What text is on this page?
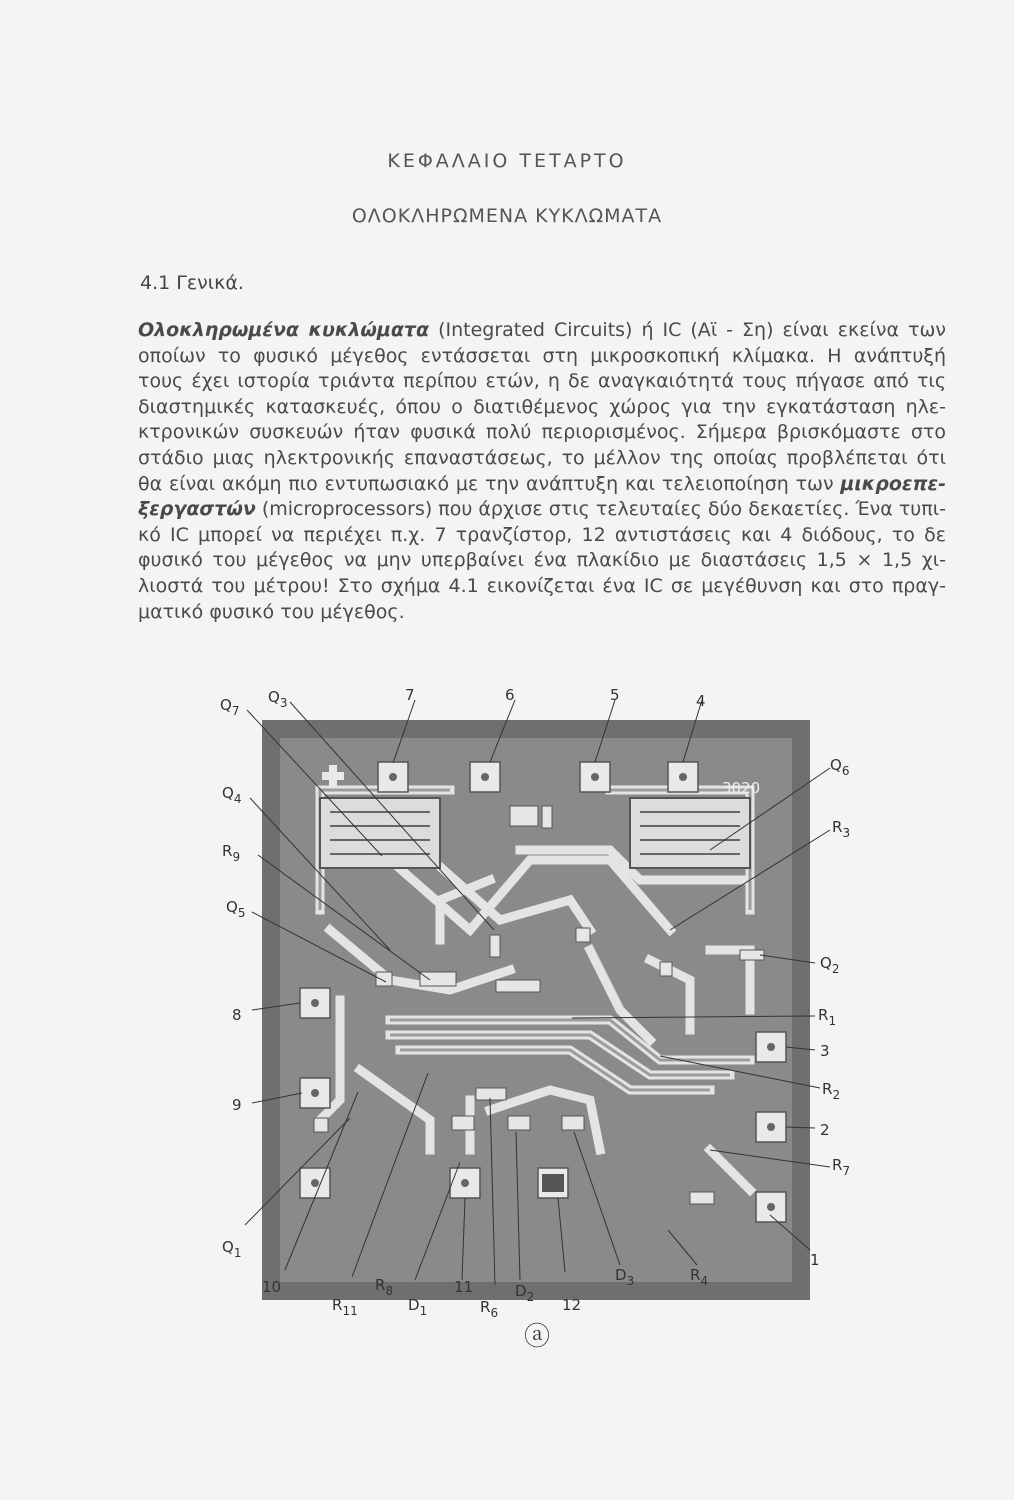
ΚΕΦΑΛΑΙΟ ΤΕΤΑΡΤΟ
ΟΛΟΚΛΗΡΩΜΕΝΑ ΚΥΚΛΩΜΑΤΑ
4.1 Γενικά.
Ολοκληρωμένα κυκλώματα (Integrated Circuits) ή IC (Αϊ - Ση) είναι εκείνα των
οποίων το φυσικό μέγεθος εντάσσεται στη μικροσκοπική κλίμακα. Η ανάπτυξή
τους έχει ιστορία τριάντα περίπου ετών, η δε αναγκαιότητά τους πήγασε από τις
διαστημικές κατασκευές, όπου ο διατιθέμενος χώρος για την εγκατάσταση ηλε-
κτρονικών συσκευών ήταν φυσικά πολύ περιορισμένος. Σήμερα βρισκόμαστε στο
στάδιο μιας ηλεκτρονικής επαναστάσεως, το μέλλον της οποίας προβλέπεται ότι
θα είναι ακόμη πιο εντυπωσιακό με την ανάπτυξη και τελειοποίηση των μικροεπε-
ξεργαστών (microprocessors) που άρχισε στις τελευταίες δύο δεκαετίες. Ένα τυπι-
κό IC μπορεί να περιέχει π.χ. 7 τρανζίστορ, 12 αντιστάσεις και 4 διόδους, το δε
φυσικό του μέγεθος να μην υπερβαίνει ένα πλακίδιο με διαστάσεις 1,5 × 1,5 χι-
λιοστά του μέτρου! Στο σχήμα 4.1 εικονίζεται ένα IC σε μεγέθυνση και στο πραγ-
ματικό φυσικό του μέγεθος.
3020
$Q_7$
$Q_3$
$Q_4$
$R_9$
$Q_5$
8
9
$Q_1$
10
$R_{11}$
$R_8$
$D_1$
11
$R_6$
$D_2$ 12
$D_3$	$R_4$
1
7	6	5	4
$Q_6$
$R_3$
$Q_2$
$R_1$
3
$R_2$
2
$R_7$
ⓐ
